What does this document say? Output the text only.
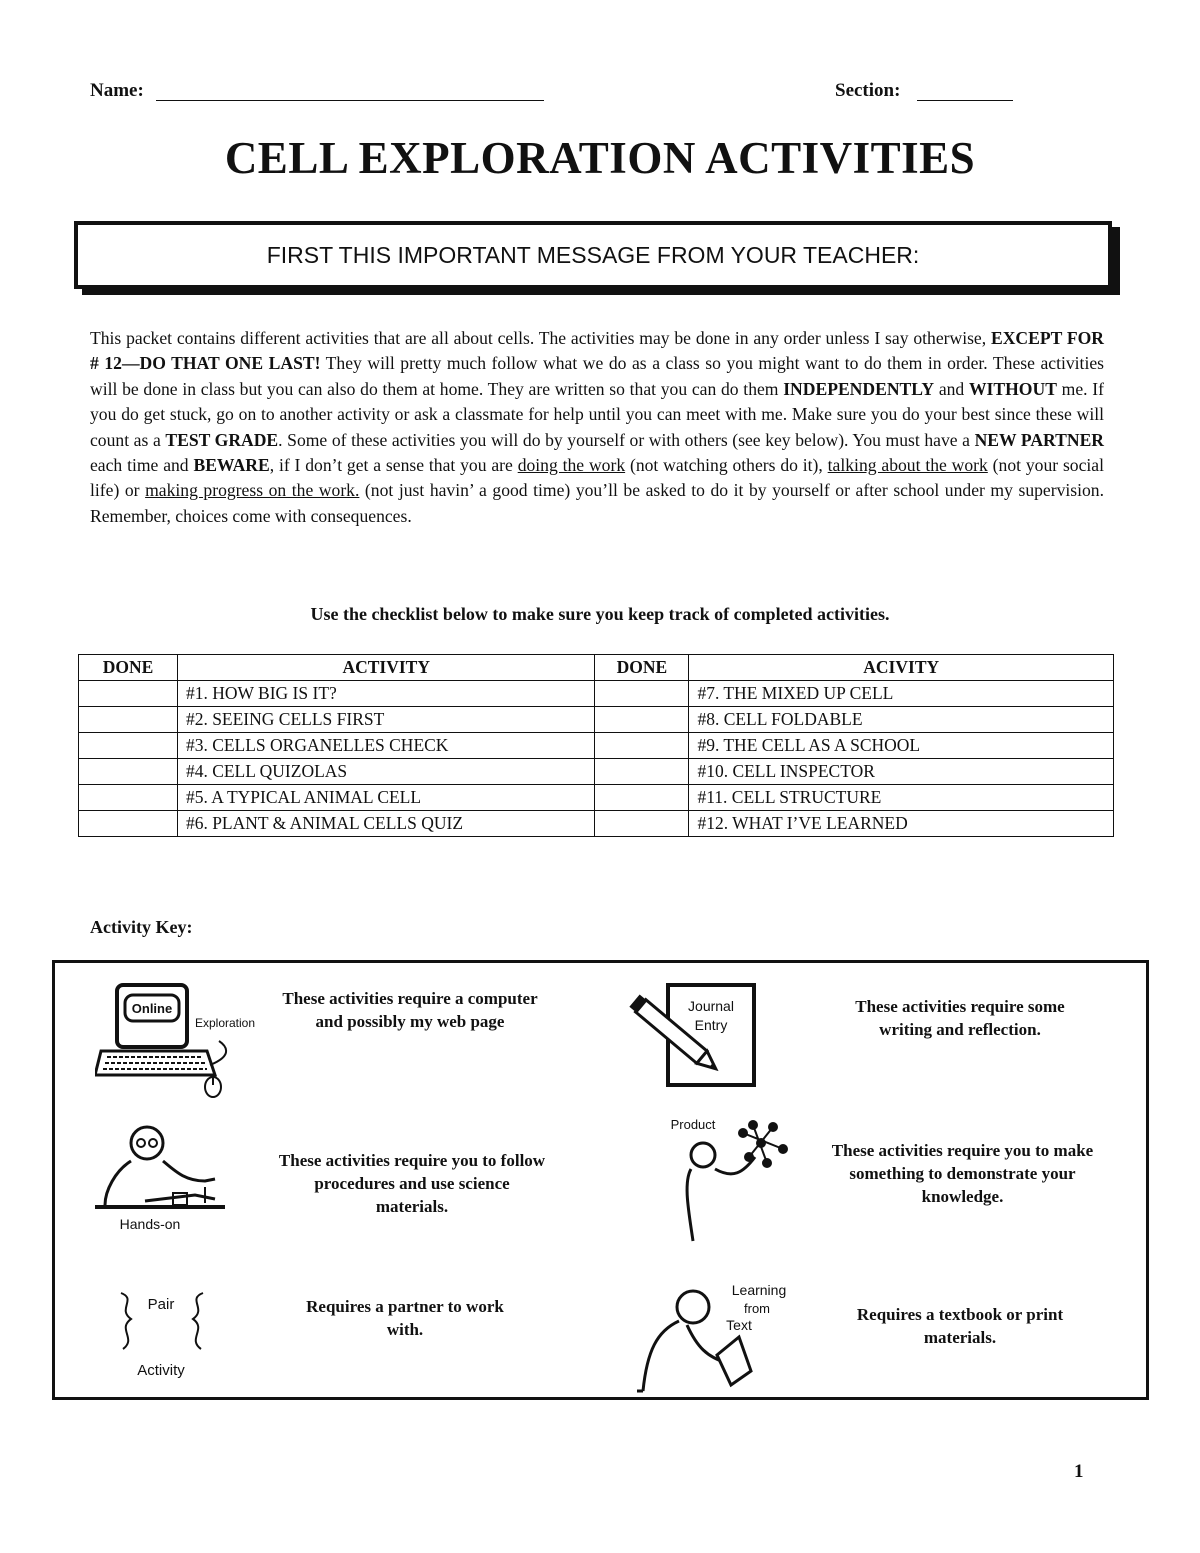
Name:	Section:
CELL EXPLORATION ACTIVITIES
FIRST THIS IMPORTANT MESSAGE FROM YOUR TEACHER:

This packet contains different activities that are all about cells. The activities may be done in any order unless I say otherwise, EXCEPT FOR # 12—DO THAT ONE LAST! They will pretty much follow what we do as a class so you might want to do them in order. These activities will be done in class but you can also do them at home. They are written so that you can do them INDEPENDENTLY and WITHOUT me. If you do get stuck, go on to another activity or ask a classmate for help until you can meet with me. Make sure you do your best since these will count as a TEST GRADE. Some of these activities you will do by yourself or with others (see key below). You must have a NEW PARTNER each time and BEWARE, if I don’t get a sense that you are doing the work (not watching others do it), talking about the work (not your social life) or making progress on the work. (not just havin’ a good time) you’ll be asked to do it by yourself or after school under my supervision. Remember, choices come with consequences.

Use the checklist below to make sure you keep track of completed activities.

DONE	ACTIVITY	DONE	ACIVITY
	#1. HOW BIG IS IT?		#7. THE MIXED UP CELL
	#2. SEEING CELLS FIRST		#8. CELL FOLDABLE
	#3. CELLS ORGANELLES CHECK		#9. THE CELL AS A SCHOOL
	#4. CELL QUIZOLAS		#10. CELL INSPECTOR
	#5. A TYPICAL ANIMAL CELL		#11. CELL STRUCTURE
	#6. PLANT & ANIMAL CELLS QUIZ		#12. WHAT I’VE LEARNED

Activity Key:

Online
Exploration
These activities require a computer and possibly my web page
Journal
Entry
These activities require some writing and reflection.
Hands-on
These activities require you to follow procedures and use science materials.
Product
These activities require you to make something to demonstrate your knowledge.
Pair
Activity
Requires a partner to work with.
Learning
from
Text
Requires a textbook or print materials.

1
